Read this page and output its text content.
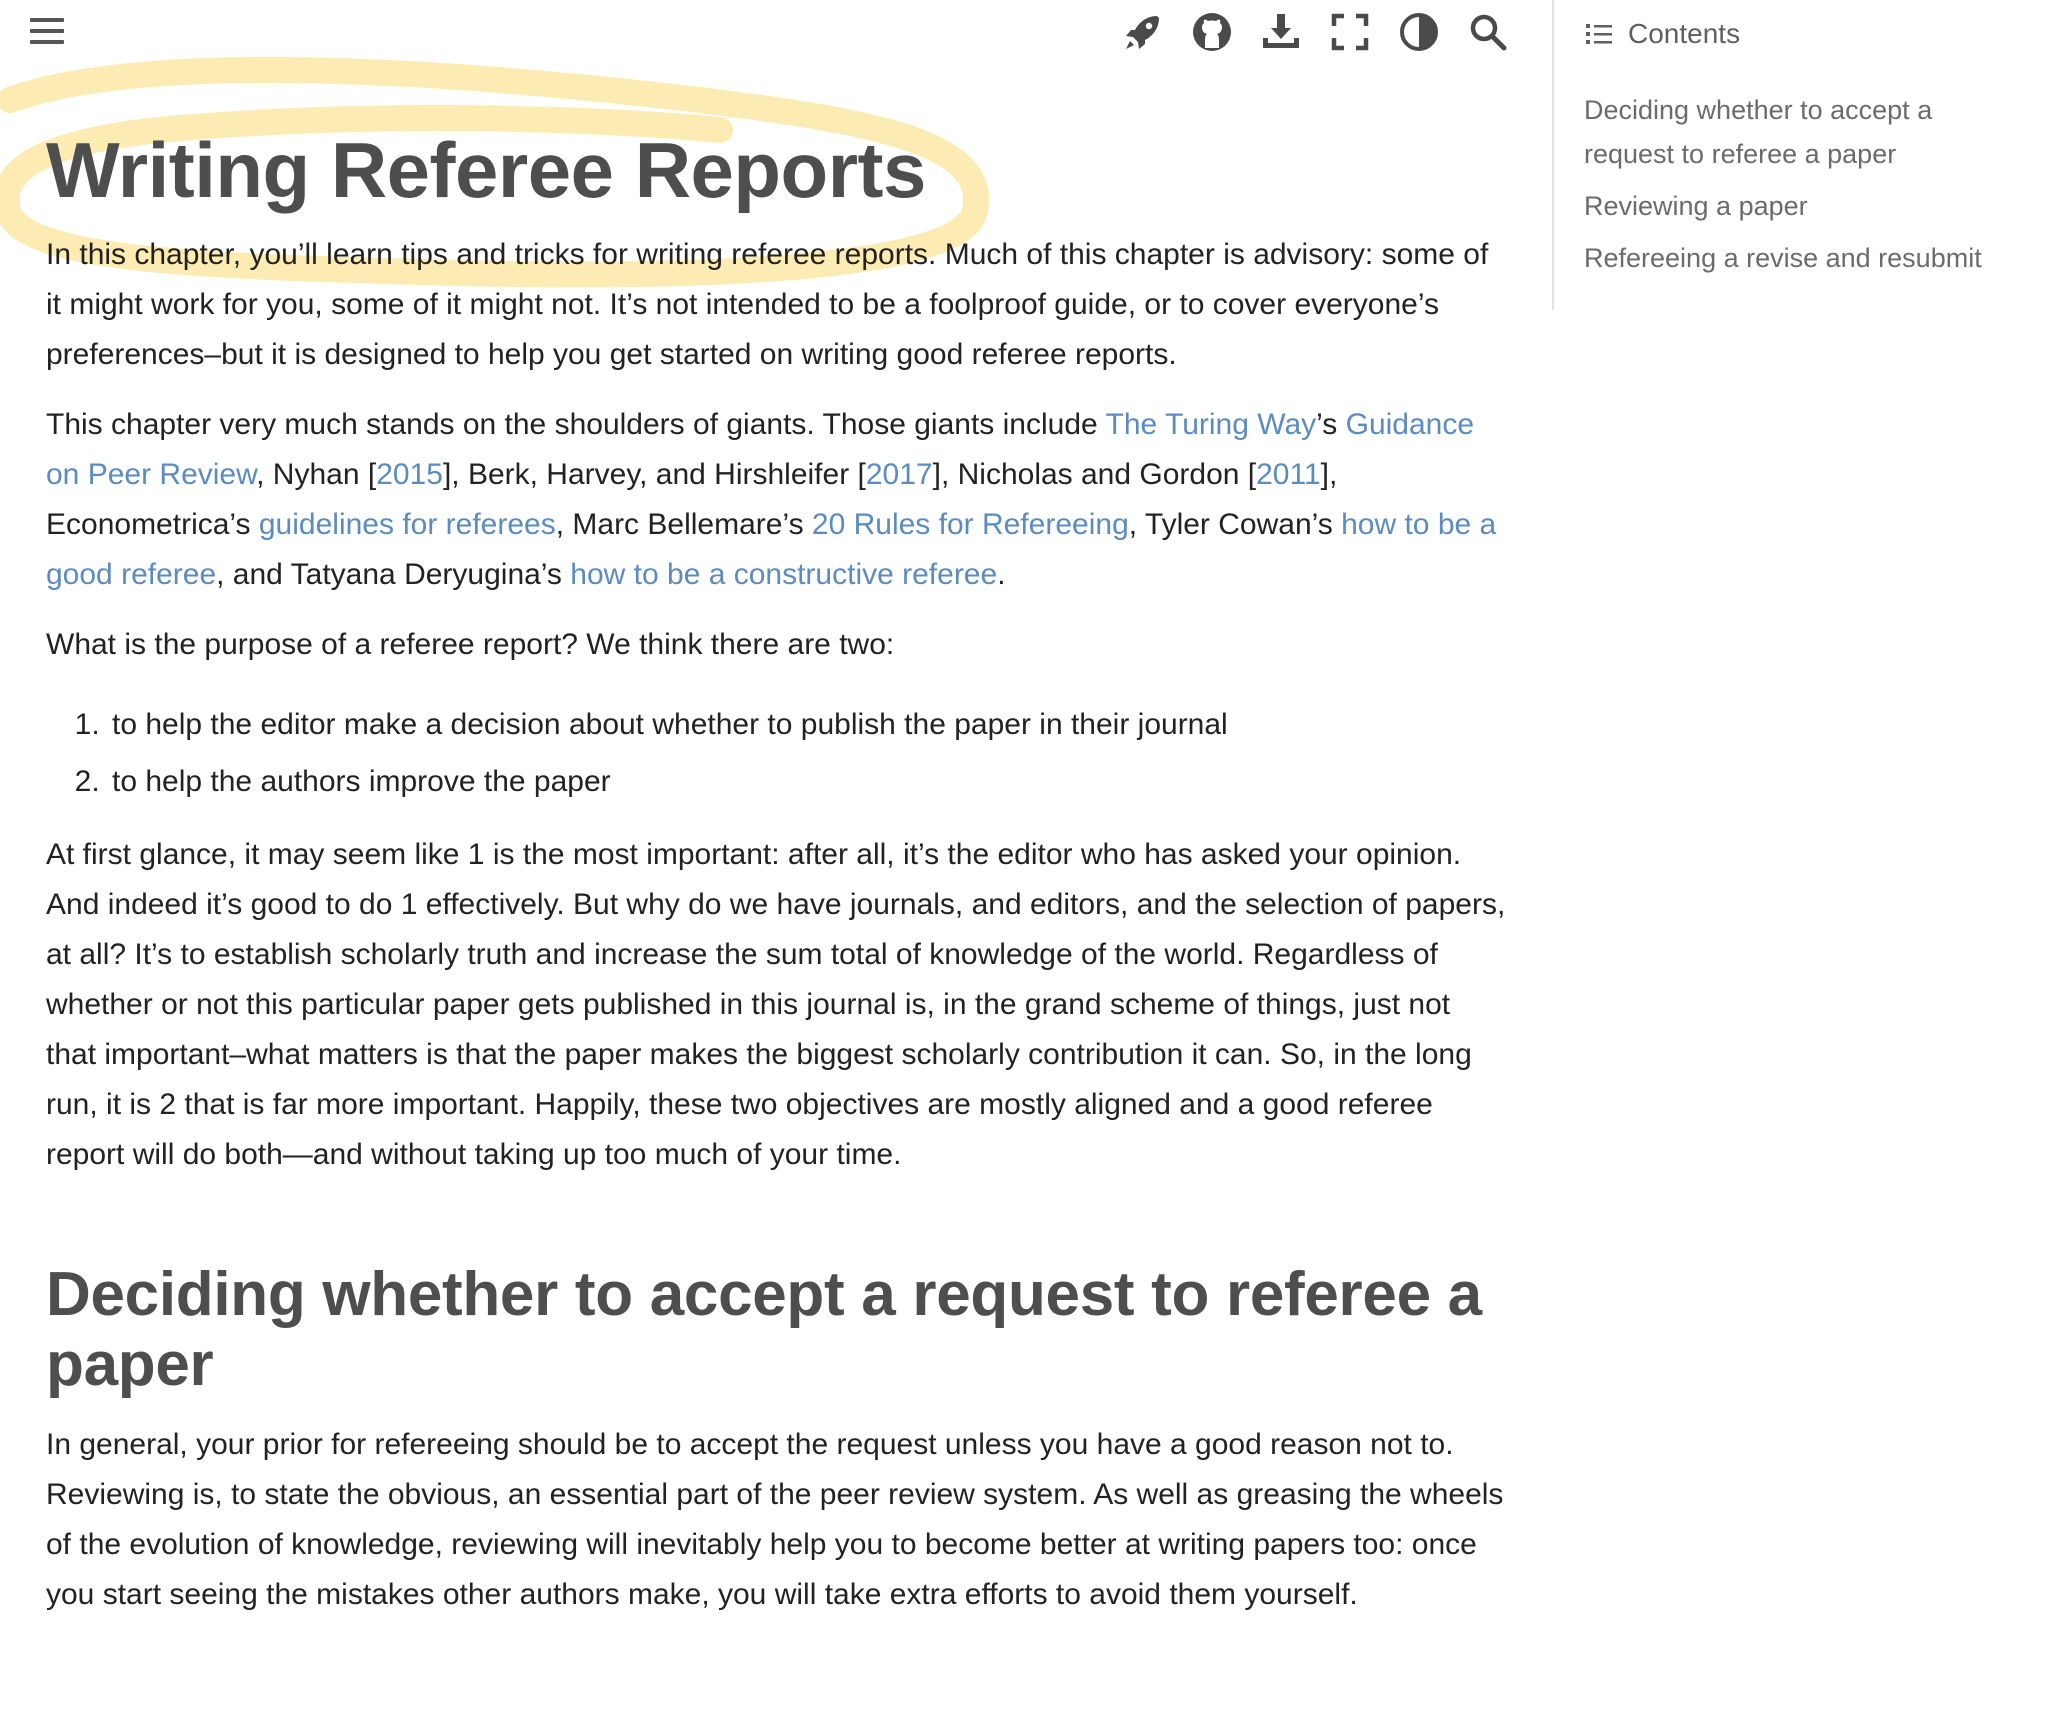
Contents
Deciding whether to accept a request to referee a paper
Reviewing a paper
Refereeing a revise and resubmit
Writing Referee Reports

In this chapter, you’ll learn tips and tricks for writing referee reports. Much of this chapter is advisory: some of it might work for you, some of it might not. It’s not intended to be a foolproof guide, or to cover everyone’s preferences–but it is designed to help you get started on writing good referee reports.

This chapter very much stands on the shoulders of giants. Those giants include The Turing Way’s Guidance on Peer Review, Nyhan [2015], Berk, Harvey, and Hirshleifer [2017], Nicholas and Gordon [2011], Econometrica’s guidelines for referees, Marc Bellemare’s 20 Rules for Refereeing, Tyler Cowan’s how to be a good referee, and Tatyana Deryugina’s how to be a constructive referee.

What is the purpose of a referee report? We think there are two:

1. to help the editor make a decision about whether to publish the paper in their journal
2. to help the authors improve the paper

At first glance, it may seem like 1 is the most important: after all, it’s the editor who has asked your opinion. And indeed it’s good to do 1 effectively. But why do we have journals, and editors, and the selection of papers, at all? It’s to establish scholarly truth and increase the sum total of knowledge of the world. Regardless of whether or not this particular paper gets published in this journal is, in the grand scheme of things, just not that important–what matters is that the paper makes the biggest scholarly contribution it can. So, in the long run, it is 2 that is far more important. Happily, these two objectives are mostly aligned and a good referee report will do both—and without taking up too much of your time.

Deciding whether to accept a request to referee a paper

In general, your prior for refereeing should be to accept the request unless you have a good reason not to. Reviewing is, to state the obvious, an essential part of the peer review system. As well as greasing the wheels of the evolution of knowledge, reviewing will inevitably help you to become better at writing papers too: once you start seeing the mistakes other authors make, you will take extra efforts to avoid them yourself.
